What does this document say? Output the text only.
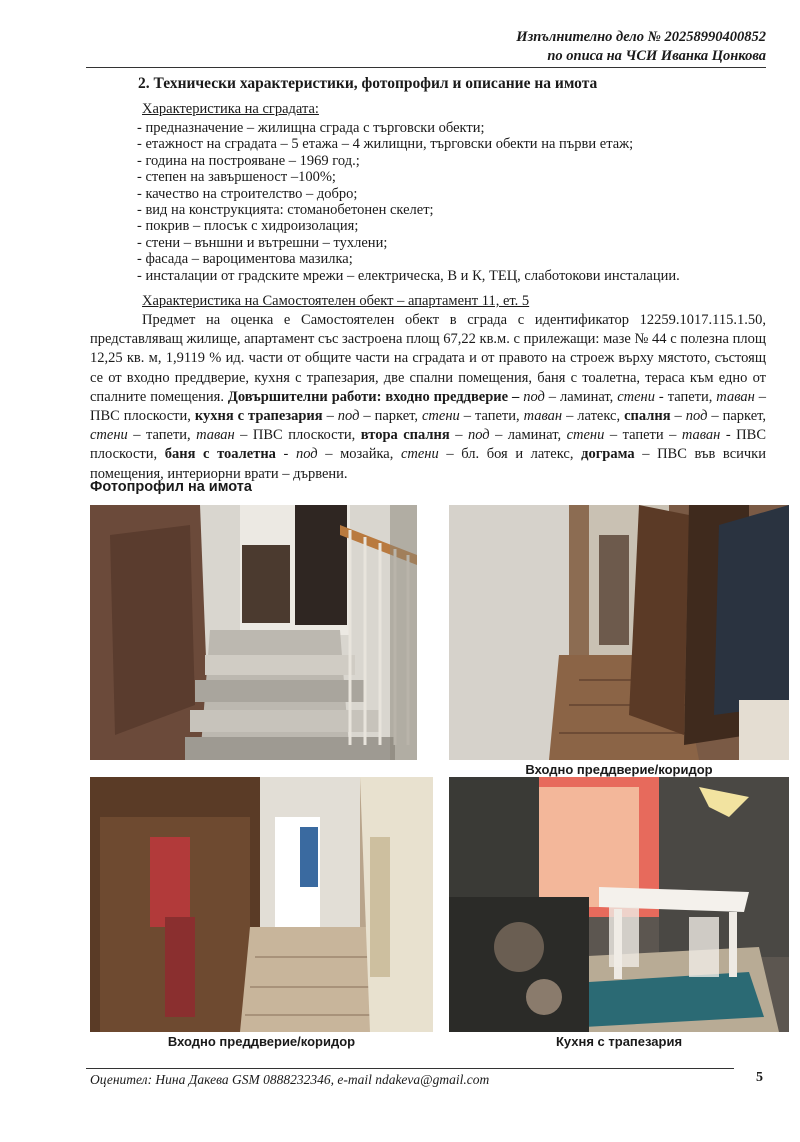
Изпълнително дело № 20258990400852
по описа на ЧСИ Иванка Цонкова
2. Технически характеристики, фотопрофил и описание на имота
Характеристика на сградата:
- предназначение – жилищна сграда с търговски обекти;
- етажност на сградата – 5 етажа – 4 жилищни, търговски обекти на първи етаж;
- година на построяване – 1969 год.;
- степен на завършеност –100%;
- качество на строителство – добро;
- вид на конструкцията: стоманобетонен скелет;
- покрив – плосък с хидроизолация;
- стени – външни и вътрешни – тухлени;
- фасада – вароциментова мазилка;
- инсталации от градските мрежи – електрическа, В и К, ТЕЦ, слаботокови инсталации.
Характеристика на Самостоятелен обект – апартамент 11, ет. 5

Предмет на оценка е Самостоятелен обект в сграда с идентификатор 12259.1017.115.1.50, представляващ жилище, апартамент със застроена площ 67,22 кв.м. с прилежащи: мазе № 44 с полезна площ 12,25 кв. м, 1,9119 % ид. части от общите части на сградата и от правото на строеж върху мястото, състоящ се от входно преддверие, кухня с трапезария, две спални помещения, баня с тоалетна, тераса към едно от спалните помещения. Довършителни работи: входно преддверие – под – ламинат, стени - тапети, таван – ПВС плоскости, кухня с трапезария – под – паркет, стени – тапети, таван – латекс, спалня – под – паркет, стени – тапети, таван – ПВС плоскости, втора спалня – под – ламинат, стени – тапети – таван - ПВС плоскости, баня с тоалетна - под – мозайка, стени – бл. боя и латекс, дограма – ПВС във всички помещения, интериорни врати – дървени.

Фотопрофил на имота
Входно преддверие/коридор
Входно преддверие/коридор	Кухня с трапезария
Оценител: Нина Дакева GSM 0888232346, e-mail ndakeva@gmail.com	5
